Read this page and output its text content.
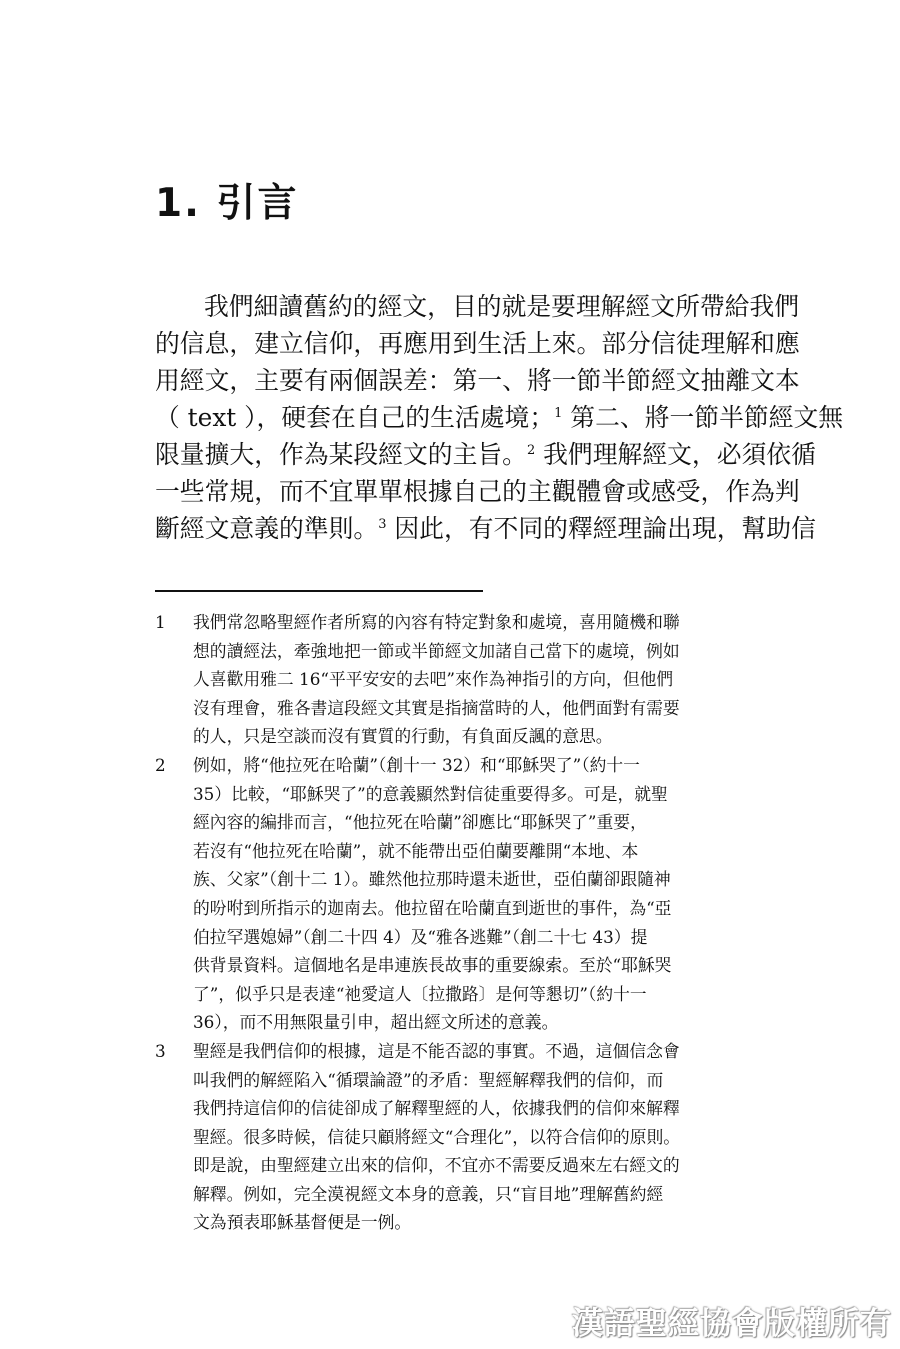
1. 引言
我們細讀舊約的經文，目的就是要理解經文所帶給我們
的信息，建立信仰，再應用到生活上來。部分信徒理解和應
用經文，主要有兩個誤差：第一、將一節半節經文抽離文本
（ text ），硬套在自己的生活處境；$^1$ 第二、將一節半節經文無
限量擴大，作為某段經文的主旨。$^2$ 我們理解經文，必須依循
一些常規，而不宜單單根據自己的主觀體會或感受，作為判
斷經文意義的準則。$^3$ 因此，有不同的釋經理論出現，幫助信
1 我們常忽略聖經作者所寫的內容有特定對象和處境，喜用隨機和聯
想的讀經法，牽強地把一節或半節經文加諸自己當下的處境，例如
人喜歡用雅二 16“平平安安的去吧”來作為神指引的方向，但他們
沒有理會，雅各書這段經文其實是指摘當時的人，他們面對有需要
的人，只是空談而沒有實質的行動，有負面反諷的意思。
2 例如，將“他拉死在哈蘭”（創十一 32）和“耶穌哭了”（約十一
35）比較，“耶穌哭了”的意義顯然對信徒重要得多。可是，就聖
經內容的編排而言，“他拉死在哈蘭”卻應比“耶穌哭了”重要，
若沒有“他拉死在哈蘭”，就不能帶出亞伯蘭要離開“本地、本
族、父家”（創十二 1）。雖然他拉那時還未逝世，亞伯蘭卻跟隨神
的吩咐到所指示的迦南去。他拉留在哈蘭直到逝世的事件，為“亞
伯拉罕選媳婦”（創二十四 4）及“雅各逃難”（創二十七 43）提
供背景資料。這個地名是串連族長故事的重要線索。至於“耶穌哭
了”，似乎只是表達“祂愛這人〔拉撒路〕是何等懇切”（約十一
36），而不用無限量引申，超出經文所述的意義。
3 聖經是我們信仰的根據，這是不能否認的事實。不過，這個信念會
叫我們的解經陷入“循環論證”的矛盾：聖經解釋我們的信仰，而
我們持這信仰的信徒卻成了解釋聖經的人，依據我們的信仰來解釋
聖經。很多時候，信徒只顧將經文“合理化”，以符合信仰的原則。
即是說，由聖經建立出來的信仰，不宜亦不需要反過來左右經文的
解釋。例如，完全漠視經文本身的意義，只“盲目地”理解舊約經
文為預表耶穌基督便是一例。
漢語聖經協會版權所有
